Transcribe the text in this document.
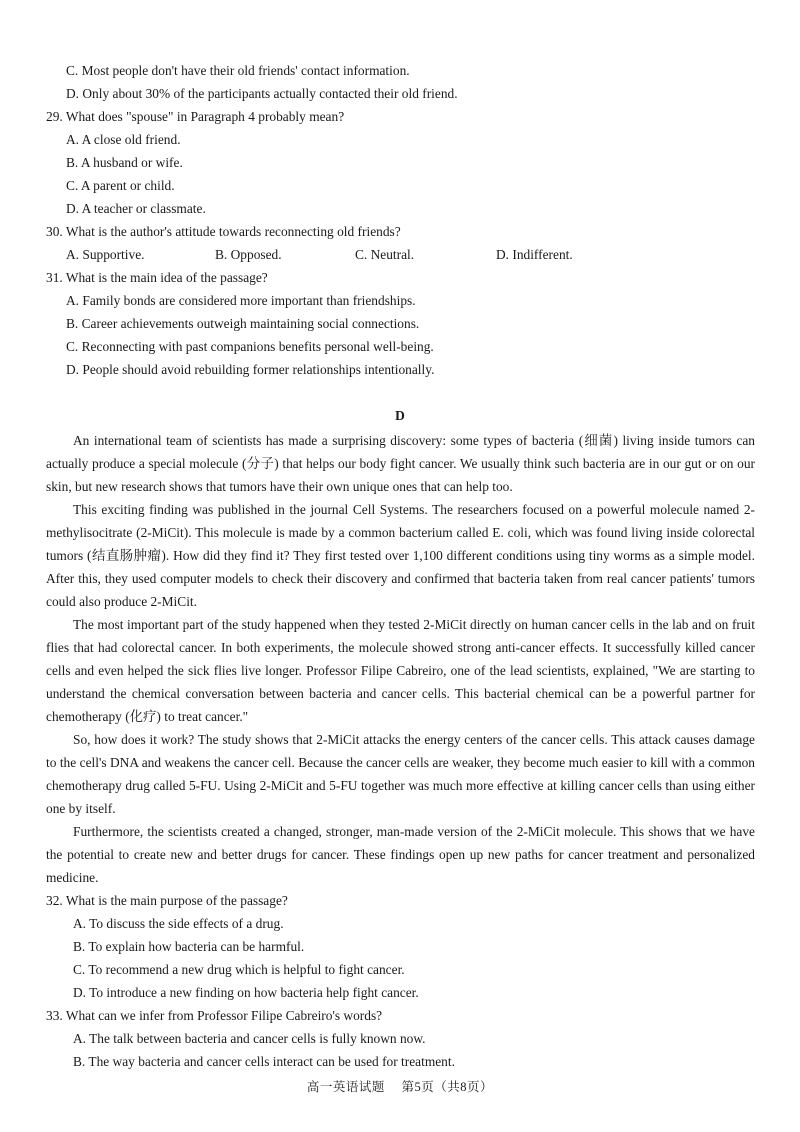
C. Most people don't have their old friends' contact information.
D. Only about 30% of the participants actually contacted their old friend.
29. What does "spouse" in Paragraph 4 probably mean?
A. A close old friend.
B. A husband or wife.
C. A parent or child.
D. A teacher or classmate.
30. What is the author's attitude towards reconnecting old friends?
A. Supportive.	B. Opposed.	C. Neutral.	D. Indifferent.
31. What is the main idea of the passage?
A. Family bonds are considered more important than friendships.
B. Career achievements outweigh maintaining social connections.
C. Reconnecting with past companions benefits personal well-being.
D. People should avoid rebuilding former relationships intentionally.
D
An international team of scientists has made a surprising discovery: some types of bacteria (细菌) living inside tumors can actually produce a special molecule (分子) that helps our body fight cancer. We usually think such bacteria are in our gut or on our skin, but new research shows that tumors have their own unique ones that can help too.
This exciting finding was published in the journal Cell Systems. The researchers focused on a powerful molecule named 2-methylisocitrate (2-MiCit). This molecule is made by a common bacterium called E. coli, which was found living inside colorectal tumors (结直肠肿瘤). How did they find it? They first tested over 1,100 different conditions using tiny worms as a simple model. After this, they used computer models to check their discovery and confirmed that bacteria taken from real cancer patients' tumors could also produce 2-MiCit.
The most important part of the study happened when they tested 2-MiCit directly on human cancer cells in the lab and on fruit flies that had colorectal cancer. In both experiments, the molecule showed strong anti-cancer effects. It successfully killed cancer cells and even helped the sick flies live longer. Professor Filipe Cabreiro, one of the lead scientists, explained, "We are starting to understand the chemical conversation between bacteria and cancer cells. This bacterial chemical can be a powerful partner for chemotherapy (化疗) to treat cancer."
So, how does it work? The study shows that 2-MiCit attacks the energy centers of the cancer cells. This attack causes damage to the cell's DNA and weakens the cancer cell. Because the cancer cells are weaker, they become much easier to kill with a common chemotherapy drug called 5-FU. Using 2-MiCit and 5-FU together was much more effective at killing cancer cells than using either one by itself.
Furthermore, the scientists created a changed, stronger, man-made version of the 2-MiCit molecule. This shows that we have the potential to create new and better drugs for cancer. These findings open up new paths for cancer treatment and personalized medicine.
32. What is the main purpose of the passage?
A. To discuss the side effects of a drug.
B. To explain how bacteria can be harmful.
C. To recommend a new drug which is helpful to fight cancer.
D. To introduce a new finding on how bacteria help fight cancer.
33. What can we infer from Professor Filipe Cabreiro's words?
A. The talk between bacteria and cancer cells is fully known now.
B. The way bacteria and cancer cells interact can be used for treatment.
高一英语试题　 第5页（共8页）
